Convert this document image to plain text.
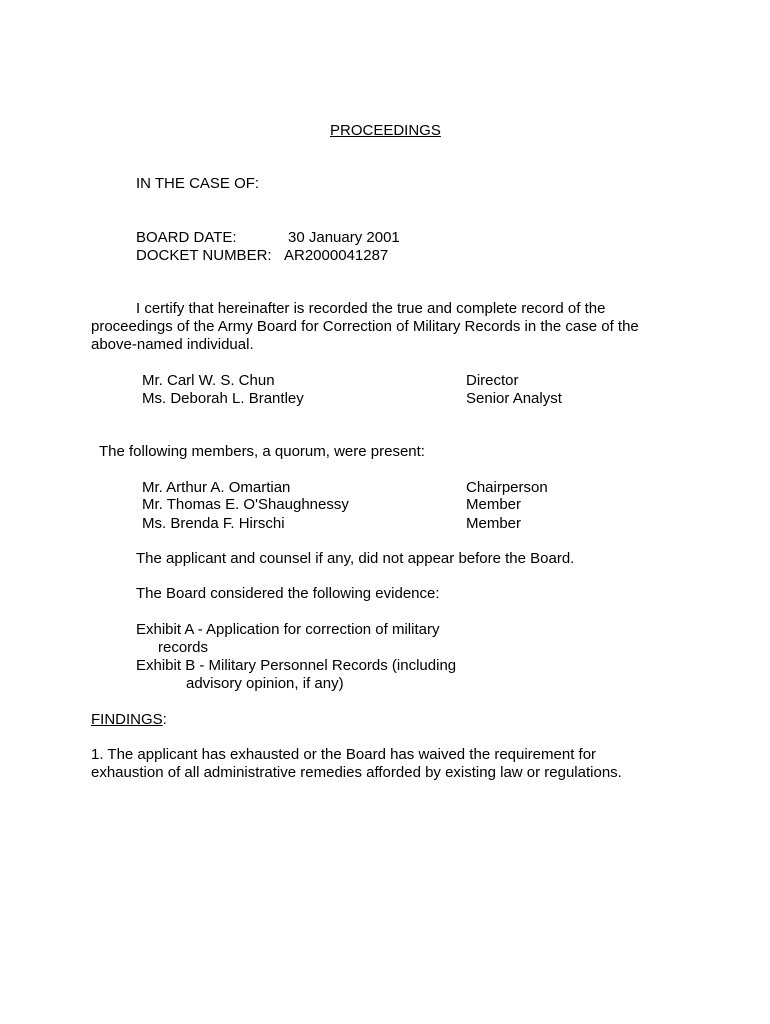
PROCEEDINGS
IN THE CASE OF:
BOARD DATE:	30 January 2001
DOCKET NUMBER: AR2000041287
I certify that hereinafter is recorded the true and complete record of the proceedings of the Army Board for Correction of Military Records in the case of the above-named individual.
Mr. Carl W. S. Chun	Director
Ms. Deborah L. Brantley	Senior Analyst
The following members, a quorum, were present:
Mr. Arthur A. Omartian	Chairperson
Mr. Thomas E. O'Shaughnessy	Member
Ms. Brenda F. Hirschi	Member
The applicant and counsel if any, did not appear before the Board.
The Board considered the following evidence:
Exhibit A - Application for correction of military
records
Exhibit B - Military Personnel Records (including
advisory opinion, if any)
FINDINGS:
1. The applicant has exhausted or the Board has waived the requirement for exhaustion of all administrative remedies afforded by existing law or regulations.
